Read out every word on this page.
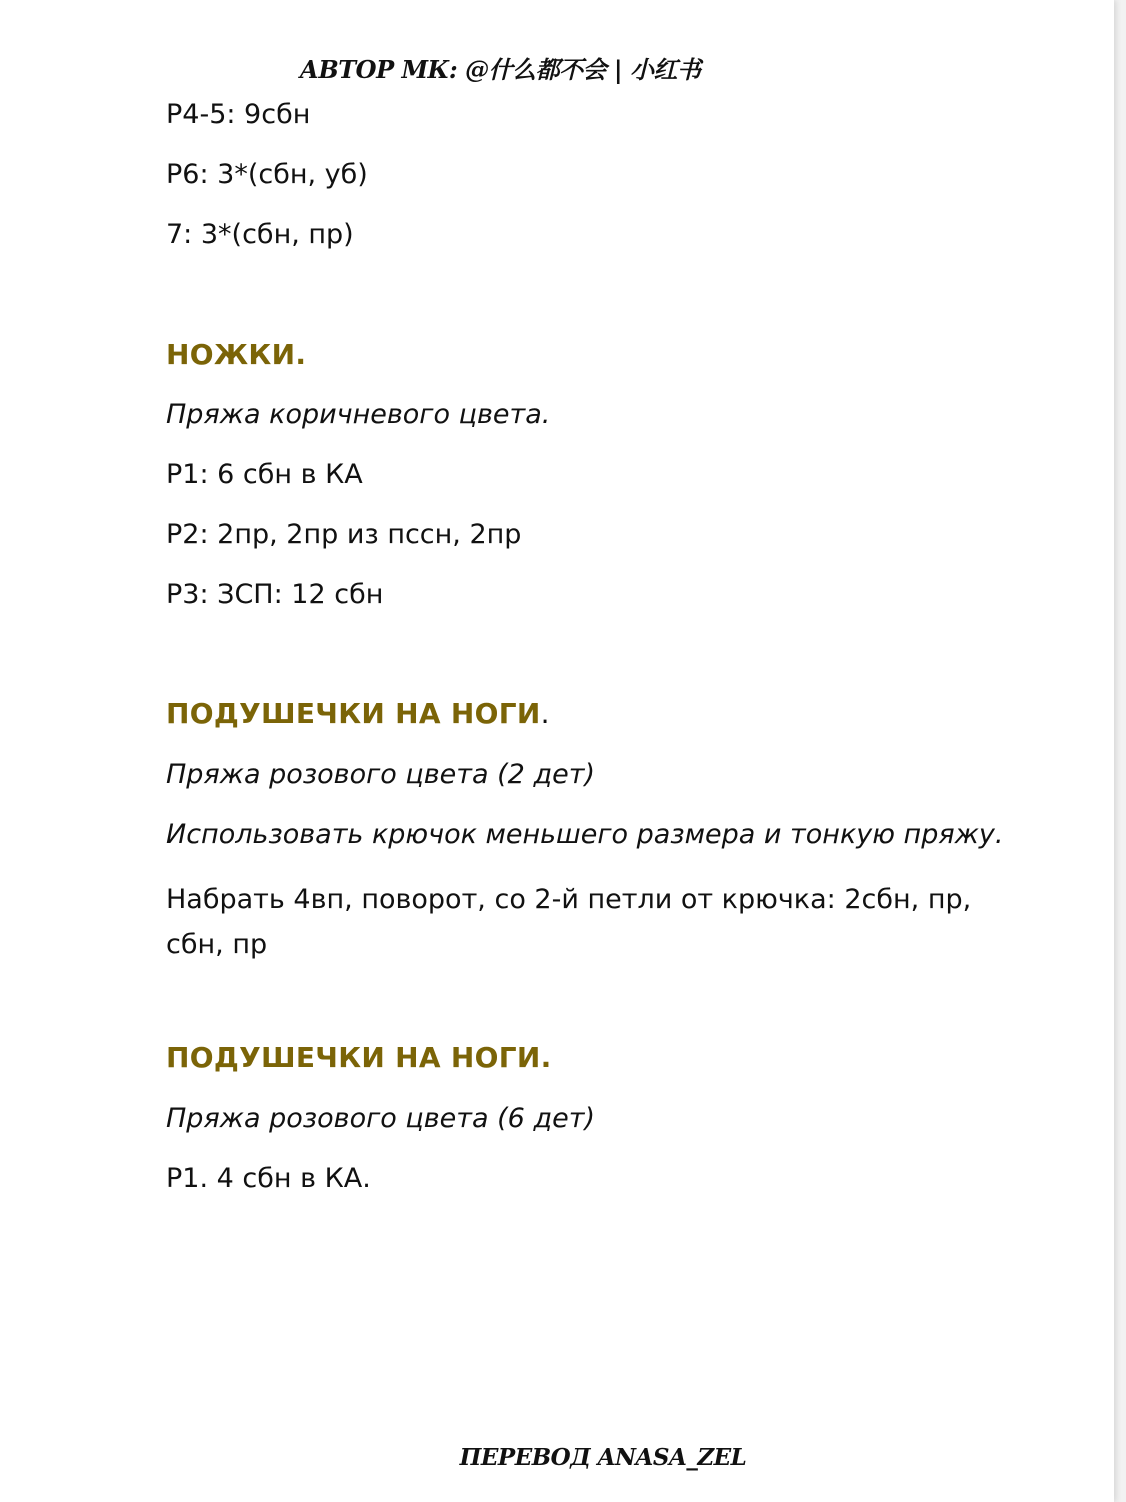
АВТОР МК: @什么都不会 | 小红书
Р4-5: 9сбн
Р6: 3*(сбн, уб)
7: 3*(сбн, пр)
НОЖКИ.
Пряжа коричневого цвета.
Р1: 6 сбн в КА
Р2: 2пр, 2пр из пссн, 2пр
Р3: ЗСП: 12 сбн
ПОДУШЕЧКИ НА НОГИ.
Пряжа розового цвета (2 дет)
Использовать крючок меньшего размера и тонкую пряжу.
Набрать 4вп, поворот, со 2-й петли от крючка: 2сбн, пр, сбн, пр
ПОДУШЕЧКИ НА НОГИ.
Пряжа розового цвета (6 дет)
Р1. 4 сбн в КА.
ПЕРЕВОД ANASA_ZEL
